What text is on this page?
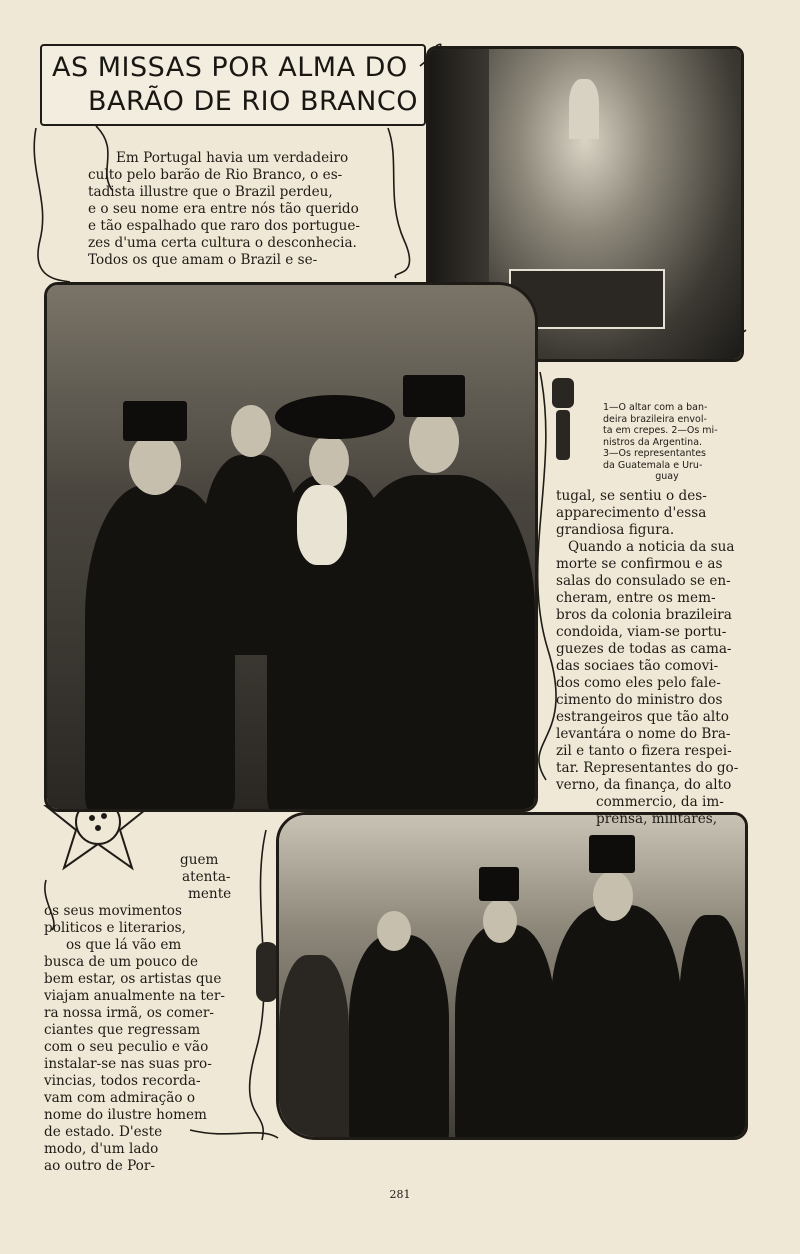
AS MISSAS POR ALMA DO
BARÃO DE RIO BRANCO

Em Portugal havia um verdadeiro

culto pelo barão de Rio Branco, o es-

tadista illustre que o Brazil perdeu,

e o seu nome era entre nós tão querido

e tão espalhado que raro dos portuguе-

zes d'uma certa cultura o desconhecia.

Todos os que amam o Brazil e se-

1—O altar com a ban-
deira brazileira envol-
ta em crepes. 2—Os mi-
nistros da Argentina.
3—Os representantes
da Guatemala e Uru-
guay

tugal, se sentiu o des-

apparecimento d'essa

grandiosa figura.

Quando a noticia da sua

morte se confirmou e as

salas do consulado se en-

cheram, entre os mem-

bros da colonia brazileira

condoida, viam-se portu-

guezes de todas as cama-

das sociaes tão comovi-

dos como eles pelo fale-

cimento do ministro dos

estrangeiros que tão alto

levantára o nome do Bra-

zil e tanto o fizera respei-

tar. Representantes do go-

verno, da finança, do alto

commercio, da im-

prensa, militares,

guem

atenta-

mente

os seus movimentos

politicos e literarios,

os que lá vão em

busca de um pouco de

bem estar, os artistas que

viajam anualmente na ter-

ra nossa irmã, os comer-

ciantes que regressam

com o seu peculio e vão

instalar-se nas suas pro-

vincias, todos recorda-

vam com admiração o

nome do ilustre homem

de estado. D'este

modo, d'um lado

ao outro de Por-

281
